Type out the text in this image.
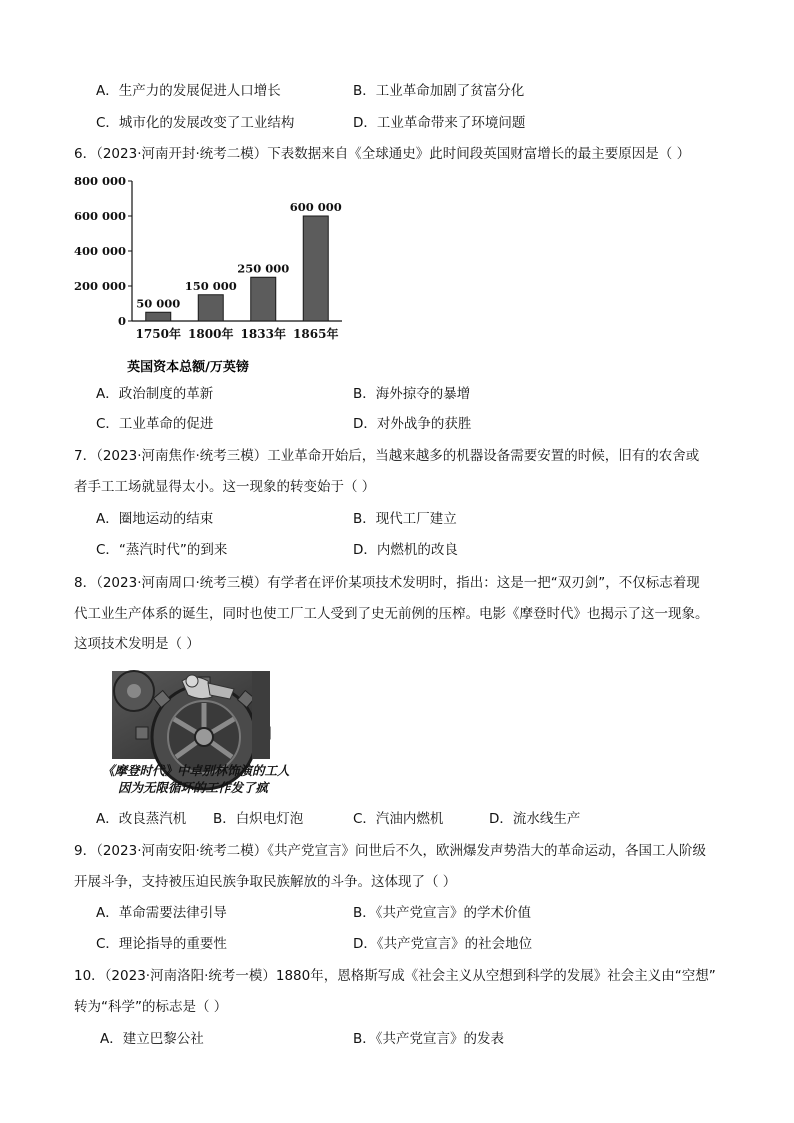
A．生产力的发展促进人口增长	B．工业革命加剧了贫富分化
C．城市化的发展改变了工业结构	D．工业革命带来了环境问题
6．（2023·河南开封·统考二模）下表数据来自《全球通史》此时间段英国财富增长的最主要原因是（ ）
0
200 000
400 000
600 000
800 000
50 000
1750年
150 000
1800年
250 000
1833年
600 000
1865年
英国资本总额/万英镑
A．政治制度的革新	B．海外掠夺的暴增
C．工业革命的促进	D．对外战争的获胜
7．（2023·河南焦作·统考三模）工业革命开始后，当越来越多的机器设备需要安置的时候，旧有的农舍或
者手工工场就显得太小。这一现象的转变始于（ ）
A．圈地运动的结束	B．现代工厂建立
C．“蒸汽时代”的到来	D．内燃机的改良
8．（2023·河南周口·统考三模）有学者在评价某项技术发明时，指出：这是一把“双刃剑”，不仅标志着现
代工业生产体系的诞生，同时也使工厂工人受到了史无前例的压榨。电影《摩登时代》也揭示了这一现象。
这项技术发明是（ ）
《摩登时代》中卓别林饰演的工人
因为无限循环的工作发了疯
A．改良蒸汽机 B．白炽电灯泡	C．汽油内燃机	D．流水线生产
9．（2023·河南安阳·统考二模）《共产党宣言》问世后不久，欧洲爆发声势浩大的革命运动，各国工人阶级
开展斗争，支持被压迫民族争取民族解放的斗争。这体现了（ ）
A．革命需要法律引导	B．《共产党宣言》的学术价值
C．理论指导的重要性	D．《共产党宣言》的社会地位
10．（2023·河南洛阳·统考一模）1880年，恩格斯写成《社会主义从空想到科学的发展》社会主义由“空想”
转为“科学”的标志是（ ）
A．建立巴黎公社	B．《共产党宣言》的发表
